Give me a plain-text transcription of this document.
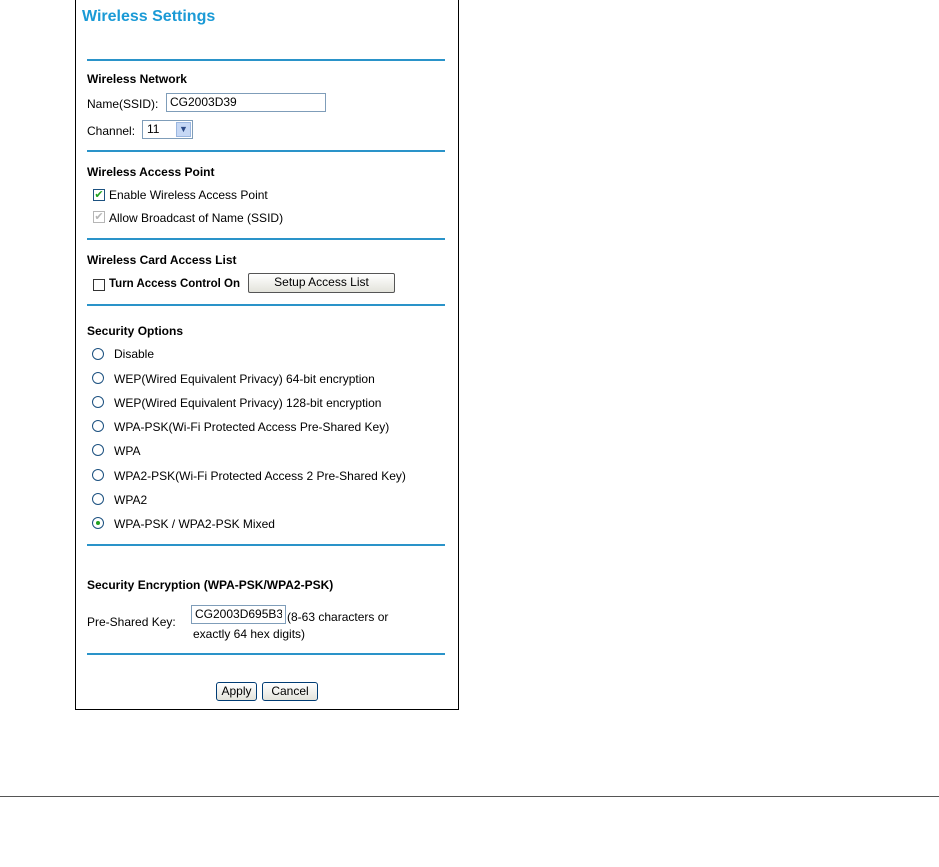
Wireless Settings
Wireless Network
Name(SSID):
CG2003D39
Channel: 11	▼
Wireless Access Point
✔ Enable Wireless Access Point
✔ Allow Broadcast of Name (SSID)
Wireless Card Access List
Turn Access Control On	Setup Access List
Security Options
Disable
WEP(Wired Equivalent Privacy) 64-bit encryption
WEP(Wired Equivalent Privacy) 128-bit encryption
WPA-PSK(Wi-Fi Protected Access Pre-Shared Key)
WPA
WPA2-PSK(Wi-Fi Protected Access 2 Pre-Shared Key)
WPA2
WPA-PSK / WPA2-PSK Mixed
Security Encryption (WPA-PSK/WPA2-PSK)
Pre-Shared Key:
CG2003D695B39	(8-63 characters or
exactly 64 hex digits)
Apply	Cancel
